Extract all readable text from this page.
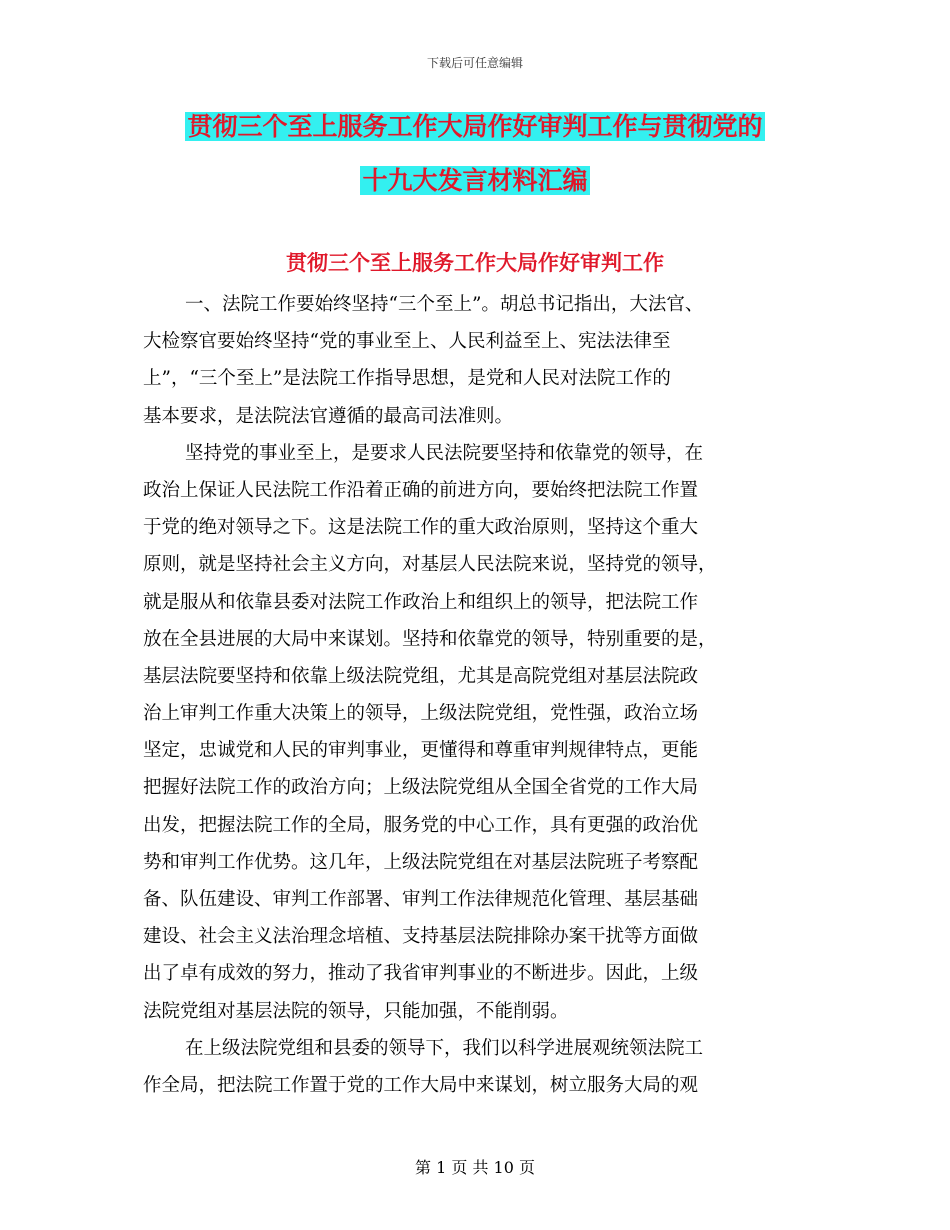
下载后可任意编辑
贯彻三个至上服务工作大局作好审判工作与贯彻党的
十九大发言材料汇编
贯彻三个至上服务工作大局作好审判工作
一、法院工作要始终坚持“三个至上”。胡总书记指出，大法官、
大检察官要始终坚持“党的事业至上、人民利益至上、宪法法律至
上”，“三个至上”是法院工作指导思想，是党和人民对法院工作的
基本要求，是法院法官遵循的最高司法准则。
坚持党的事业至上，是要求人民法院要坚持和依靠党的领导，在
政治上保证人民法院工作沿着正确的前进方向，要始终把法院工作置
于党的绝对领导之下。这是法院工作的重大政治原则，坚持这个重大
原则，就是坚持社会主义方向，对基层人民法院来说，坚持党的领导，
就是服从和依靠县委对法院工作政治上和组织上的领导，把法院工作
放在全县进展的大局中来谋划。坚持和依靠党的领导，特别重要的是，
基层法院要坚持和依靠上级法院党组，尤其是高院党组对基层法院政
治上审判工作重大决策上的领导，上级法院党组，党性强，政治立场
坚定，忠诚党和人民的审判事业，更懂得和尊重审判规律特点，更能
把握好法院工作的政治方向；上级法院党组从全国全省党的工作大局
出发，把握法院工作的全局，服务党的中心工作，具有更强的政治优
势和审判工作优势。这几年，上级法院党组在对基层法院班子考察配
备、队伍建设、审判工作部署、审判工作法律规范化管理、基层基础
建设、社会主义法治理念培植、支持基层法院排除办案干扰等方面做
出了卓有成效的努力，推动了我省审判事业的不断进步。因此，上级
法院党组对基层法院的领导，只能加强，不能削弱。
在上级法院党组和县委的领导下，我们以科学进展观统领法院工
作全局，把法院工作置于党的工作大局中来谋划，树立服务大局的观
第 1 页 共 10 页
